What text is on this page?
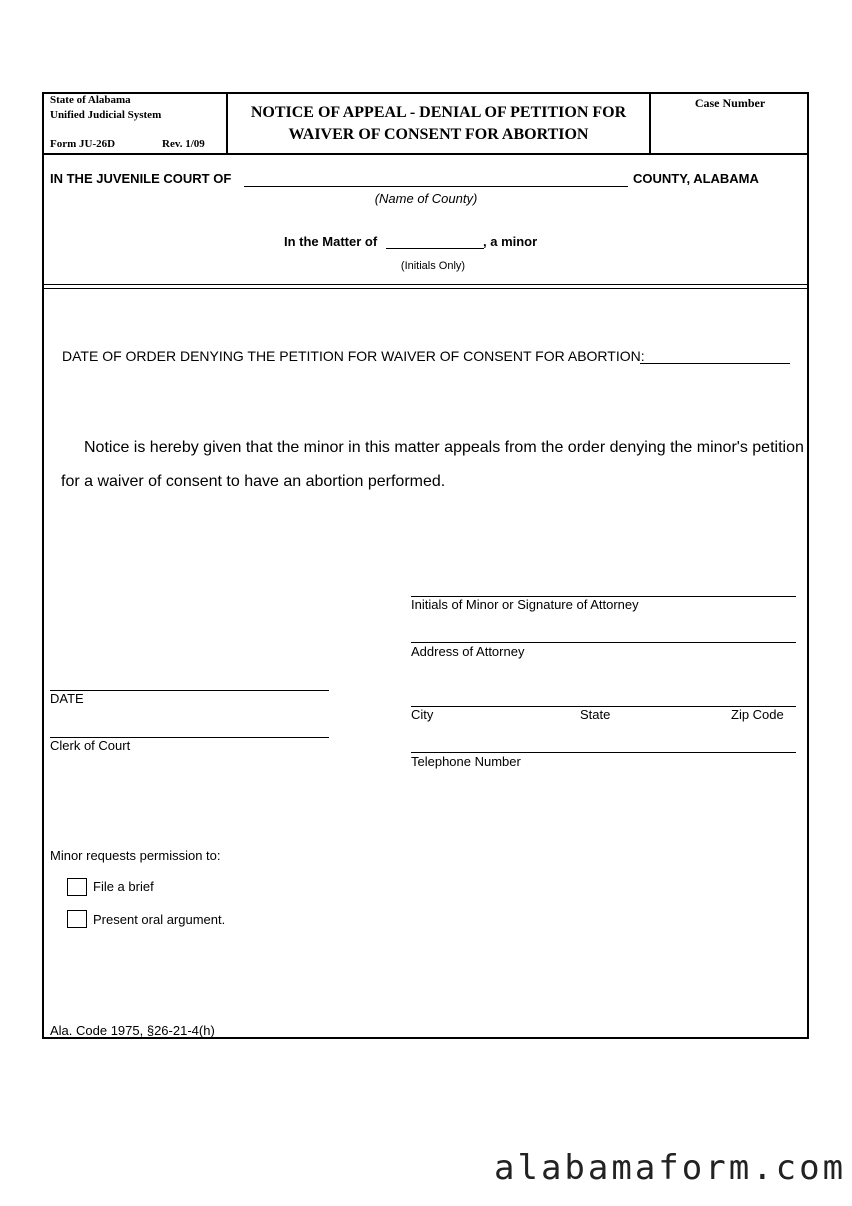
State of Alabama
Unified Judicial System
Form JU-26D	Rev. 1/09
NOTICE OF APPEAL - DENIAL OF PETITION FOR
WAIVER OF CONSENT FOR ABORTION
Case Number
IN THE JUVENILE COURT OF	COUNTY, ALABAMA
(Name of County)
In the Matter of	, a minor
(Initials Only)
DATE OF ORDER DENYING THE PETITION FOR WAIVER OF CONSENT FOR ABORTION:
Notice is hereby given that the minor in this matter appeals from the order denying the minor's petition
for a waiver of consent to have an abortion performed.
Initials of Minor or Signature of Attorney
Address of Attorney
City	State	Zip Code
Telephone Number
DATE
Clerk of Court
Minor requests permission to:
File a brief
Present oral argument.
Ala. Code 1975, §26-21-4(h)
alabamaform.com
